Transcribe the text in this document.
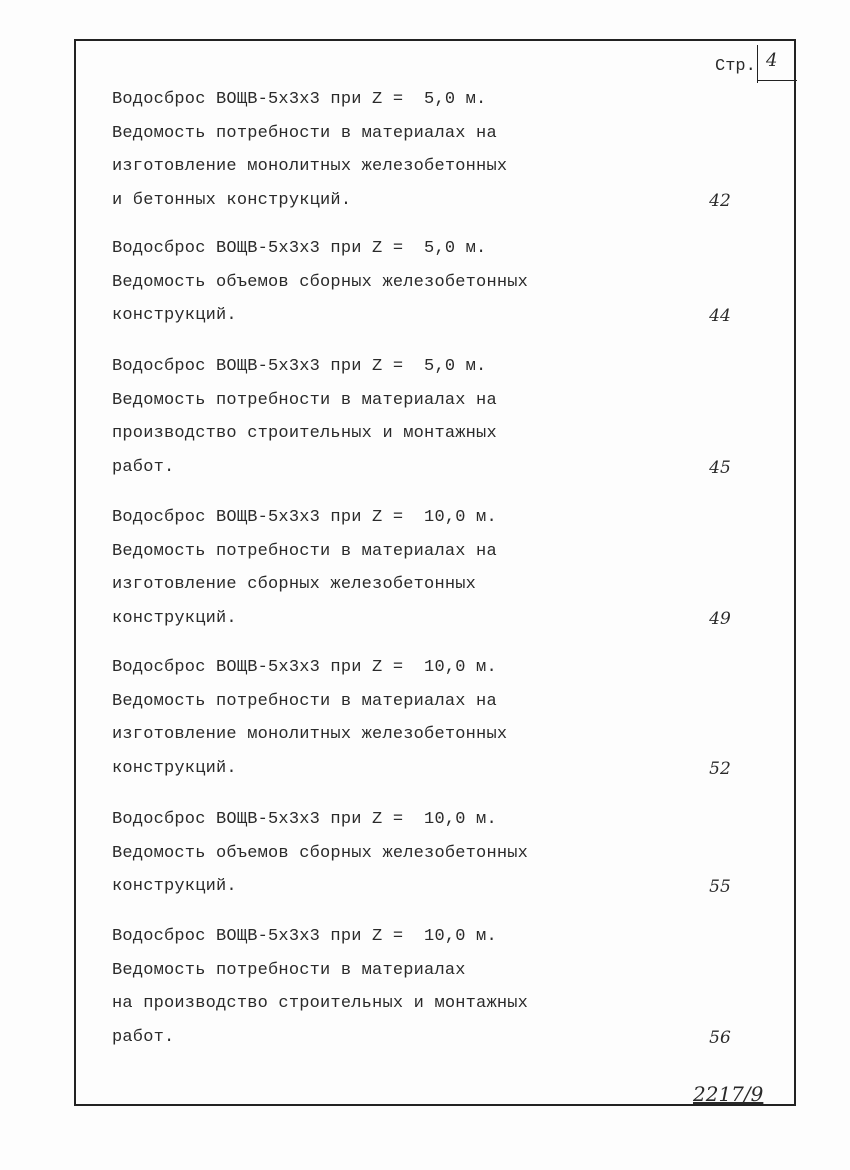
Стр. 4
Водосброс ВОЩВ-5х3х3 при Z =  5,0 м.
Ведомость потребности в материалах на
изготовление монолитных железобетонных
и бетонных конструкций.	42
Водосброс ВОЩВ-5х3х3 при Z =  5,0 м.
Ведомость объемов сборных железобетонных
конструкций.	44
Водосброс ВОЩВ-5х3х3 при Z =  5,0 м.
Ведомость потребности в материалах на
производство строительных и монтажных
работ.	45
Водосброс ВОЩВ-5х3х3 при Z =  10,0 м.
Ведомость потребности в материалах на
изготовление сборных железобетонных
конструкций.	49
Водосброс ВОЩВ-5х3х3 при Z =  10,0 м.
Ведомость потребности в материалах на
изготовление монолитных железобетонных
конструкций.	52
Водосброс ВОЩВ-5х3х3 при Z =  10,0 м.
Ведомость объемов сборных железобетонных
конструкций.	55
Водосброс ВОЩВ-5х3х3 при Z =  10,0 м.
Ведомость потребности в материалах
на производство строительных и монтажных
работ.	56
2217/9
